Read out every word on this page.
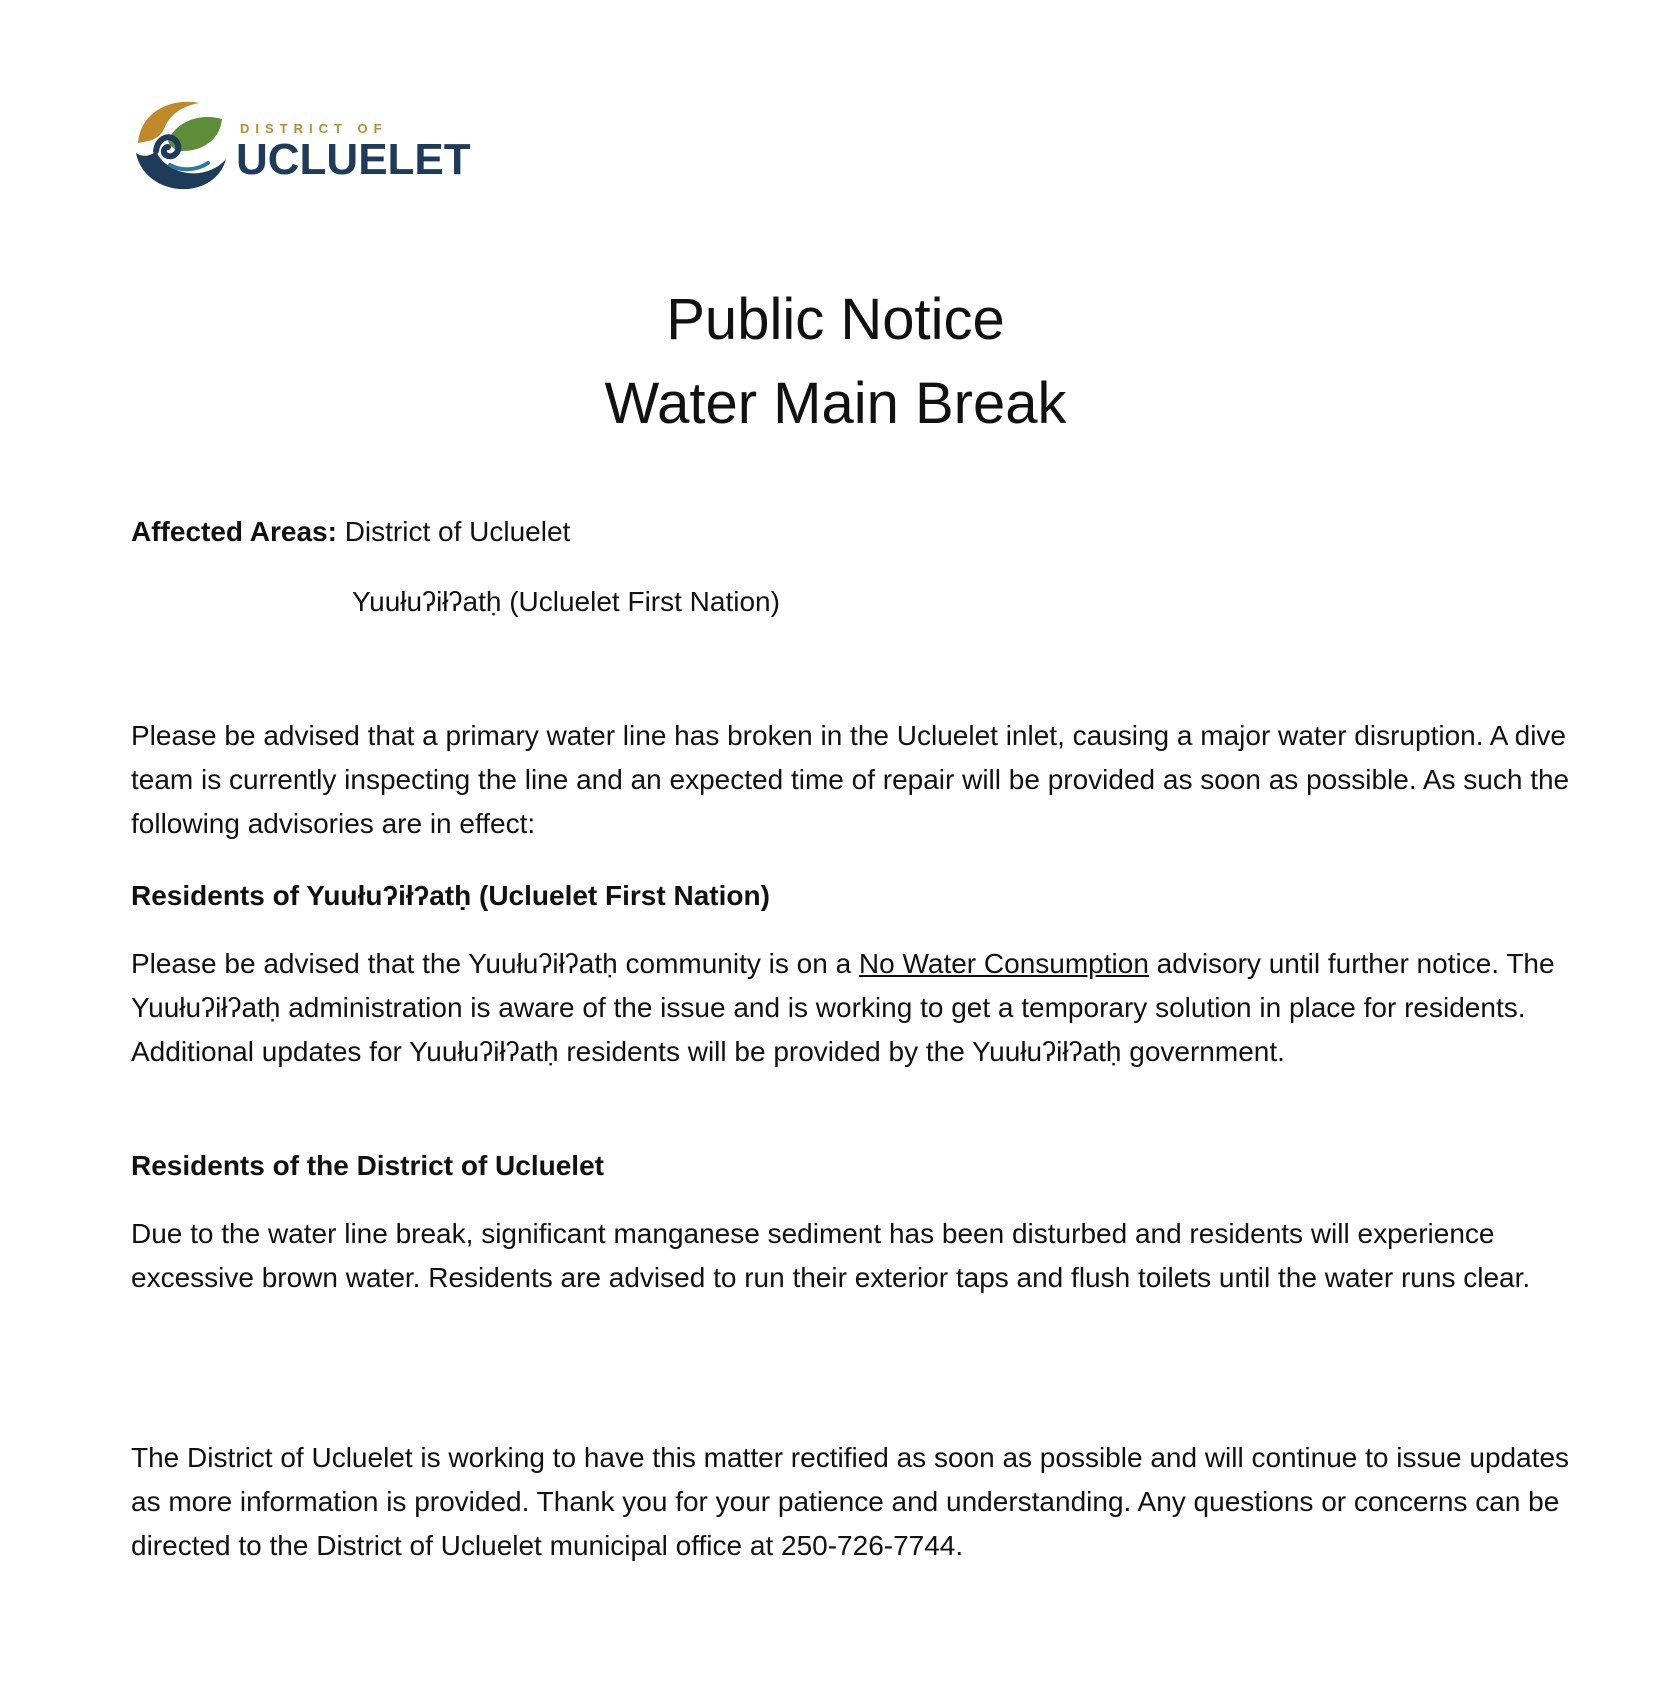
DISTRICT OF
UCLUELET
Public Notice
Water Main Break
Affected Areas: District of Ucluelet
Yuułuʔiłʔatḥ (Ucluelet First Nation)
Please be advised that a primary water line has broken in the Ucluelet inlet, causing a major water disruption. A dive team is currently inspecting the line and an expected time of repair will be provided as soon as possible. As such the following advisories are in effect:
Residents of Yuułuʔiłʔatḥ (Ucluelet First Nation)
Please be advised that the Yuułuʔiłʔatḥ community is on a No Water Consumption advisory until further notice. The Yuułuʔiłʔatḥ administration is aware of the issue and is working to get a temporary solution in place for residents. Additional updates for Yuułuʔiłʔatḥ residents will be provided by the Yuułuʔiłʔatḥ government.
Residents of the District of Ucluelet
Due to the water line break, significant manganese sediment has been disturbed and residents will experience excessive brown water. Residents are advised to run their exterior taps and flush toilets until the water runs clear.
The District of Ucluelet is working to have this matter rectified as soon as possible and will continue to issue updates as more information is provided. Thank you for your patience and understanding. Any questions or concerns can be directed to the District of Ucluelet municipal office at 250-726-7744.
